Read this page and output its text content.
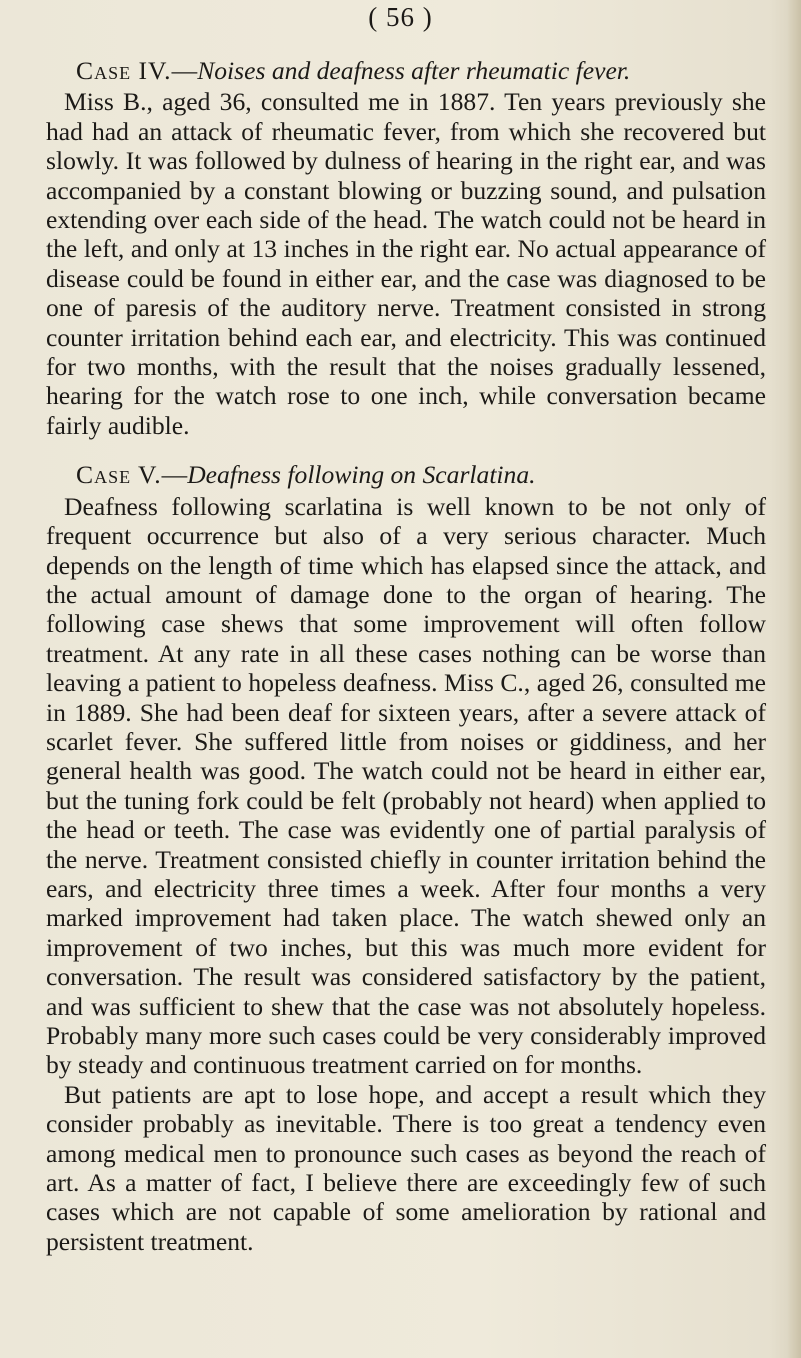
( 56 )
Case IV.—Noises and deafness after rheumatic fever.

Miss B., aged 36, consulted me in 1887. Ten years previously she had had an attack of rheumatic fever, from which she recovered but slowly. It was followed by dulness of hearing in the right ear, and was accompanied by a constant blowing or buzzing sound, and pulsation extending over each side of the head. The watch could not be heard in the left, and only at 13 inches in the right ear. No actual appearance of disease could be found in either ear, and the case was diagnosed to be one of paresis of the auditory nerve. Treatment consisted in strong counter irritation behind each ear, and electricity. This was continued for two months, with the result that the noises gradually lessened, hearing for the watch rose to one inch, while conversation became fairly audible.

Case V.—Deafness following on Scarlatina.

Deafness following scarlatina is well known to be not only of frequent occurrence but also of a very serious character. Much depends on the length of time which has elapsed since the attack, and the actual amount of damage done to the organ of hearing. The following case shews that some improvement will often follow treatment. At any rate in all these cases nothing can be worse than leaving a patient to hopeless deafness. Miss C., aged 26, consulted me in 1889. She had been deaf for sixteen years, after a severe attack of scarlet fever. She suffered little from noises or giddiness, and her general health was good. The watch could not be heard in either ear, but the tuning fork could be felt (probably not heard) when applied to the head or teeth. The case was evidently one of partial paralysis of the nerve. Treatment consisted chiefly in counter irritation behind the ears, and electricity three times a week. After four months a very marked improvement had taken place. The watch shewed only an improvement of two inches, but this was much more evident for conversation. The result was considered satisfactory by the patient, and was sufficient to shew that the case was not absolutely hopeless. Probably many more such cases could be very considerably improved by steady and continuous treatment carried on for months.

But patients are apt to lose hope, and accept a result which they consider probably as inevitable. There is too great a tendency even among medical men to pronounce such cases as beyond the reach of art. As a matter of fact, I believe there are exceedingly few of such cases which are not capable of some amelioration by rational and persistent treatment.
